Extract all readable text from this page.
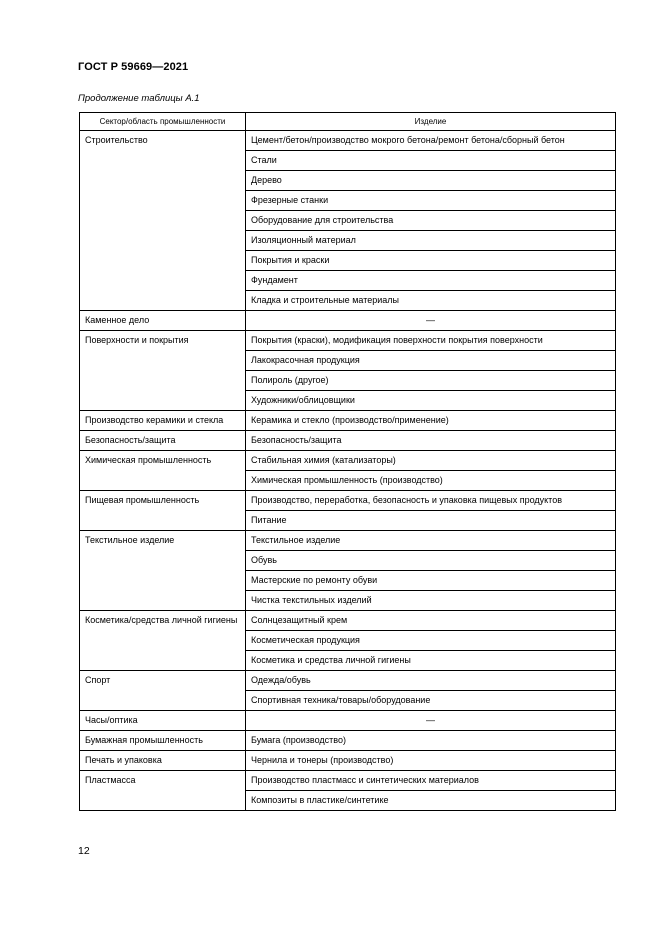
ГОСТ Р 59669—2021
Продолжение таблицы А.1
Сектор/область промышленности	Изделие
Строительство	Цемент/бетон/производство мокрого бетона/ремонт бетона/сборный бетон
	Стали
	Дерево
	Фрезерные станки
	Оборудование для строительства
	Изоляционный материал
	Покрытия и краски
	Фундамент
	Кладка и строительные материалы
Каменное дело	—
Поверхности и покрытия	Покрытия (краски), модификация поверхности покрытия поверхности
	Лакокрасочная продукция
	Полироль (другое)
	Художники/облицовщики
Производство керамики и стекла	Керамика и стекло (производство/применение)
Безопасность/защита	Безопасность/защита
Химическая промышленность	Стабильная химия (катализаторы)
	Химическая промышленность (производство)
Пищевая промышленность	Производство, переработка, безопасность и упаковка пищевых продуктов
	Питание
Текстильное изделие	Текстильное изделие
	Обувь
	Мастерские по ремонту обуви
	Чистка текстильных изделий
Косметика/средства личной гигиены	Солнцезащитный крем
	Косметическая продукция
	Косметика и средства личной гигиены
Спорт	Одежда/обувь
	Спортивная техника/товары/оборудование
Часы/оптика	—
Бумажная промышленность	Бумага (производство)
Печать и упаковка	Чернила и тонеры (производство)
Пластмасса	Производство пластмасс и синтетических материалов
	Композиты в пластике/синтетике
12
